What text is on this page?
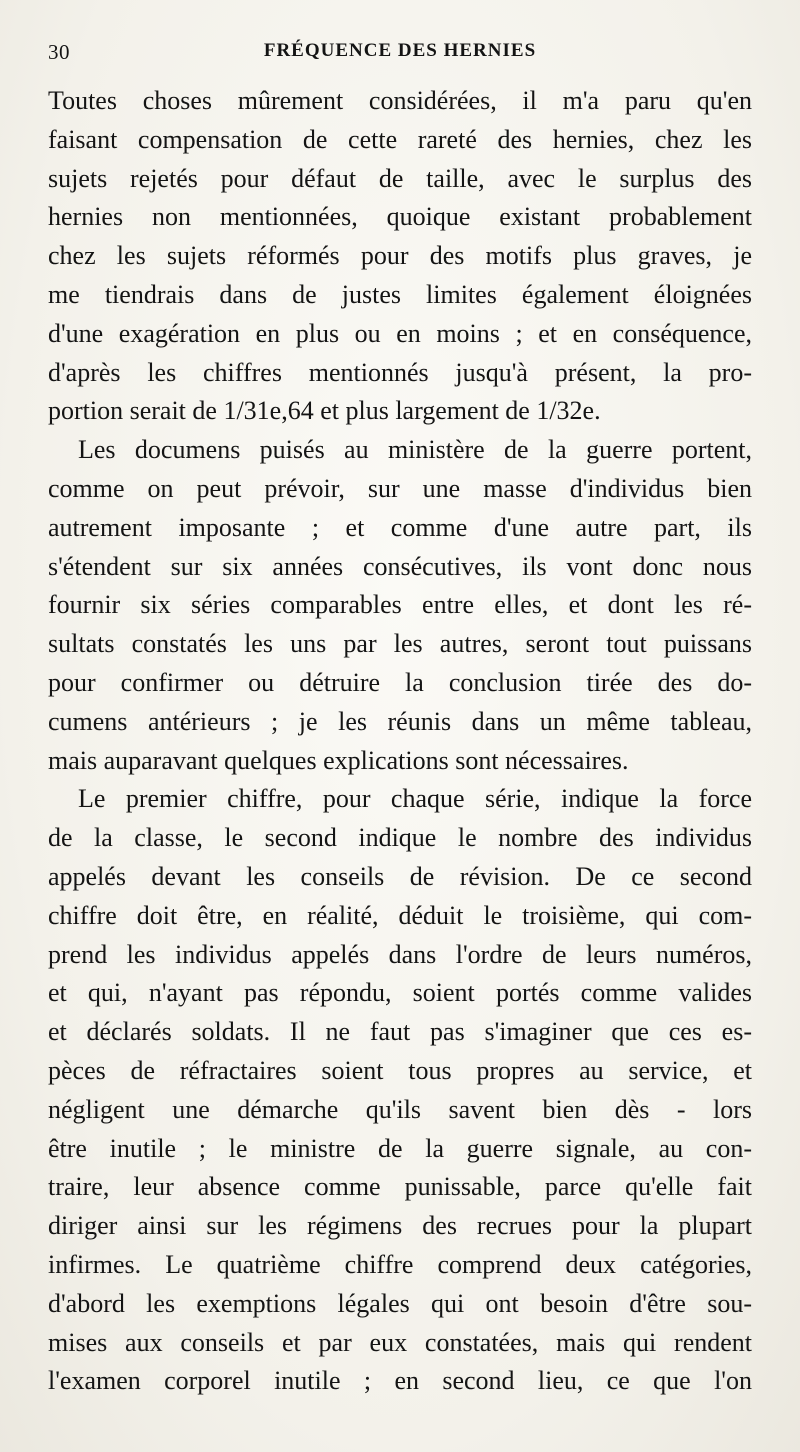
30	FRÉQUENCE DES HERNIES
Toutes choses mûrement considérées, il m'a paru qu'en
faisant compensation de cette rareté des hernies, chez les
sujets rejetés pour défaut de taille, avec le surplus des
hernies non mentionnées, quoique existant probablement
chez les sujets réformés pour des motifs plus graves, je
me tiendrais dans de justes limites également éloignées
d'une exagération en plus ou en moins ; et en conséquence,
d'après les chiffres mentionnés jusqu'à présent, la pro-
portion serait de 1/31e,64 et plus largement de 1/32e.
Les documens puisés au ministère de la guerre portent,
comme on peut prévoir, sur une masse d'individus bien
autrement imposante ; et comme d'une autre part, ils
s'étendent sur six années consécutives, ils vont donc nous
fournir six séries comparables entre elles, et dont les ré-
sultats constatés les uns par les autres, seront tout puissans
pour confirmer ou détruire la conclusion tirée des do-
cumens antérieurs ; je les réunis dans un même tableau,
mais auparavant quelques explications sont nécessaires.
Le premier chiffre, pour chaque série, indique la force
de la classe, le second indique le nombre des individus
appelés devant les conseils de révision. De ce second
chiffre doit être, en réalité, déduit le troisième, qui com-
prend les individus appelés dans l'ordre de leurs numéros,
et qui, n'ayant pas répondu, soient portés comme valides
et déclarés soldats. Il ne faut pas s'imaginer que ces es-
pèces de réfractaires soient tous propres au service, et
négligent une démarche qu'ils savent bien dès - lors
être inutile ; le ministre de la guerre signale, au con-
traire, leur absence comme punissable, parce qu'elle fait
diriger ainsi sur les régimens des recrues pour la plupart
infirmes. Le quatrième chiffre comprend deux catégories,
d'abord les exemptions légales qui ont besoin d'être sou-
mises aux conseils et par eux constatées, mais qui rendent
l'examen corporel inutile ; en second lieu, ce que l'on
